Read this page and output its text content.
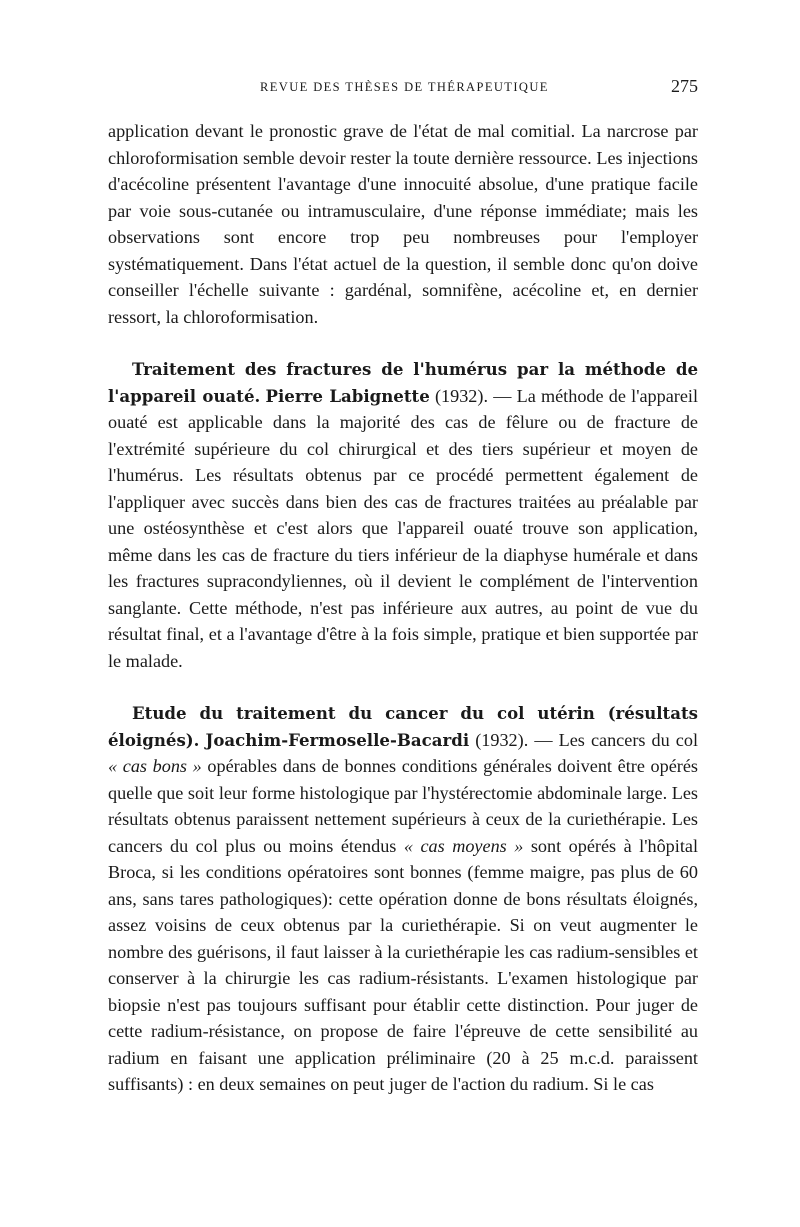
REVUE DES THÈSES DE THÉRAPEUTIQUE	275

application devant le pronostic grave de l'état de mal comitial. La narcrose par chloroformisation semble devoir rester la toute dernière ressource. Les injections d'acécoline présentent l'avantage d'une innocuité absolue, d'une pratique facile par voie sous-cutanée ou intramusculaire, d'une réponse immédiate; mais les observations sont encore trop peu nombreuses pour l'employer systématiquement. Dans l'état actuel de la question, il semble donc qu'on doive conseiller l'échelle suivante : gardénal, somnifène, acécoline et, en dernier ressort, la chloroformisation.

Traitement des fractures de l'humérus par la méthode de l'appareil ouaté. Pierre Labignette (1932). — La méthode de l'appareil ouaté est applicable dans la majorité des cas de fêlure ou de fracture de l'extrémité supérieure du col chirurgical et des tiers supérieur et moyen de l'humérus. Les résultats obtenus par ce procédé permettent également de l'appliquer avec succès dans bien des cas de fractures traitées au préalable par une ostéosynthèse et c'est alors que l'appareil ouaté trouve son application, même dans les cas de fracture du tiers inférieur de la diaphyse humérale et dans les fractures supracondyliennes, où il devient le complément de l'intervention sanglante. Cette méthode, n'est pas inférieure aux autres, au point de vue du résultat final, et a l'avantage d'être à la fois simple, pratique et bien supportée par le malade.

Etude du traitement du cancer du col utérin (résultats éloignés). Joachim-Fermoselle-Bacardi (1932). — Les cancers du col « cas bons » opérables dans de bonnes conditions générales doivent être opérés quelle que soit leur forme histologique par l'hystérectomie abdominale large. Les résultats obtenus paraissent nettement supérieurs à ceux de la curiethérapie. Les cancers du col plus ou moins étendus « cas moyens » sont opérés à l'hôpital Broca, si les conditions opératoires sont bonnes (femme maigre, pas plus de 60 ans, sans tares pathologiques): cette opération donne de bons résultats éloignés, assez voisins de ceux obtenus par la curiethérapie. Si on veut augmenter le nombre des guérisons, il faut laisser à la curiethérapie les cas radium-sensibles et conserver à la chirurgie les cas radium-résistants. L'examen histologique par biopsie n'est pas toujours suffisant pour établir cette distinction. Pour juger de cette radium-résistance, on propose de faire l'épreuve de cette sensibilité au radium en faisant une application préliminaire (20 à 25 m.c.d. paraissent suffisants) : en deux semaines on peut juger de l'action du radium. Si le cas
